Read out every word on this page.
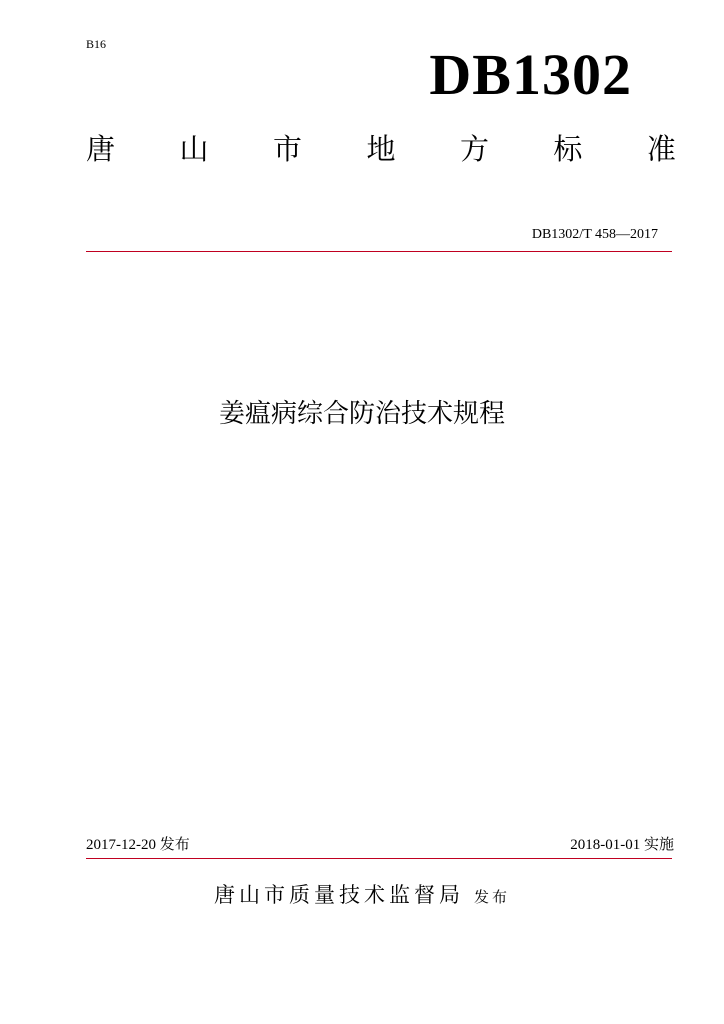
B16	DB1302
唐 山 市 地 方 标 准
DB1302/T 458—2017
姜瘟病综合防治技术规程
2017-12-20 发布	2018-01-01 实施
唐山市质量技术监督局 发布
